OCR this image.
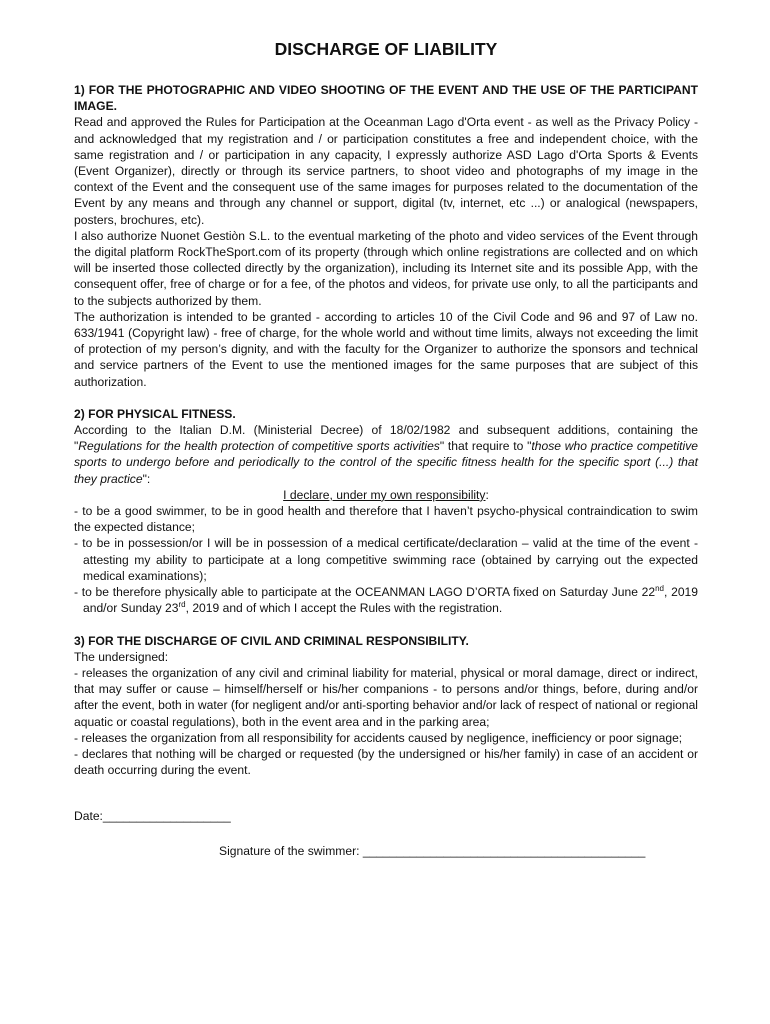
DISCHARGE OF LIABILITY

1) FOR THE PHOTOGRAPHIC AND VIDEO SHOOTING OF THE EVENT AND THE USE OF THE PARTICIPANT IMAGE.

Read and approved the Rules for Participation at the Oceanman Lago d'Orta event - as well as the Privacy Policy - and acknowledged that my registration and / or participation constitutes a free and independent choice, with the same registration and / or participation in any capacity, I expressly authorize ASD Lago d'Orta Sports & Events (Event Organizer), directly or through its service partners, to shoot video and photographs of my image in the context of the Event and the consequent use of the same images for purposes related to the documentation of the Event by any means and through any channel or support, digital (tv, internet, etc ...) or analogical (newspapers, posters, brochures, etc).

I also authorize Nuonet Gestiòn S.L. to the eventual marketing of the photo and video services of the Event through the digital platform RockTheSport.com of its property (through which online registrations are collected and on which will be inserted those collected directly by the organization), including its Internet site and its possible App, with the consequent offer, free of charge or for a fee, of the photos and videos, for private use only, to all the participants and to the subjects authorized by them.

The authorization is intended to be granted - according to articles 10 of the Civil Code and 96 and 97 of Law no. 633/1941 (Copyright law) - free of charge, for the whole world and without time limits, always not exceeding the limit of protection of my person’s dignity, and with the faculty for the Organizer to authorize the sponsors and technical and service partners of the Event to use the mentioned images for the same purposes that are subject of this authorization.

2) FOR PHYSICAL FITNESS.

According to the Italian D.M. (Ministerial Decree) of 18/02/1982 and subsequent additions, containing the "Regulations for the health protection of competitive sports activities" that require to "those who practice competitive sports to undergo before and periodically to the control of the specific fitness health for the specific sport (...) that they practice":

I declare, under my own responsibility:

- to be a good swimmer, to be in good health and therefore that I haven’t psycho-physical contraindication to swim the expected distance;

- to be in possession/or I will be in possession of a medical certificate/declaration – valid at the time of the event - attesting my ability to participate at a long competitive swimming race (obtained by carrying out the expected medical examinations);

- to be therefore physically able to participate at the OCEANMAN LAGO D’ORTA fixed on Saturday June 22nd, 2019 and/or Sunday 23rd, 2019 and of which I accept the Rules with the registration.

3) FOR THE DISCHARGE OF CIVIL AND CRIMINAL RESPONSIBILITY.

The undersigned:

- releases the organization of any civil and criminal liability for material, physical or moral damage, direct or indirect, that may suffer or cause – himself/herself or his/her companions - to persons and/or things, before, during and/or after the event, both in water (for negligent and/or anti-sporting behavior and/or lack of respect of national or regional aquatic or coastal regulations), both in the event area and in the parking area;

- releases the organization from all responsibility for accidents caused by negligence, inefficiency or poor signage;

- declares that nothing will be charged or requested (by the undersigned or his/her family) in case of an accident or death occurring during the event.

Date:___________________

Signature of the swimmer: __________________________________________
